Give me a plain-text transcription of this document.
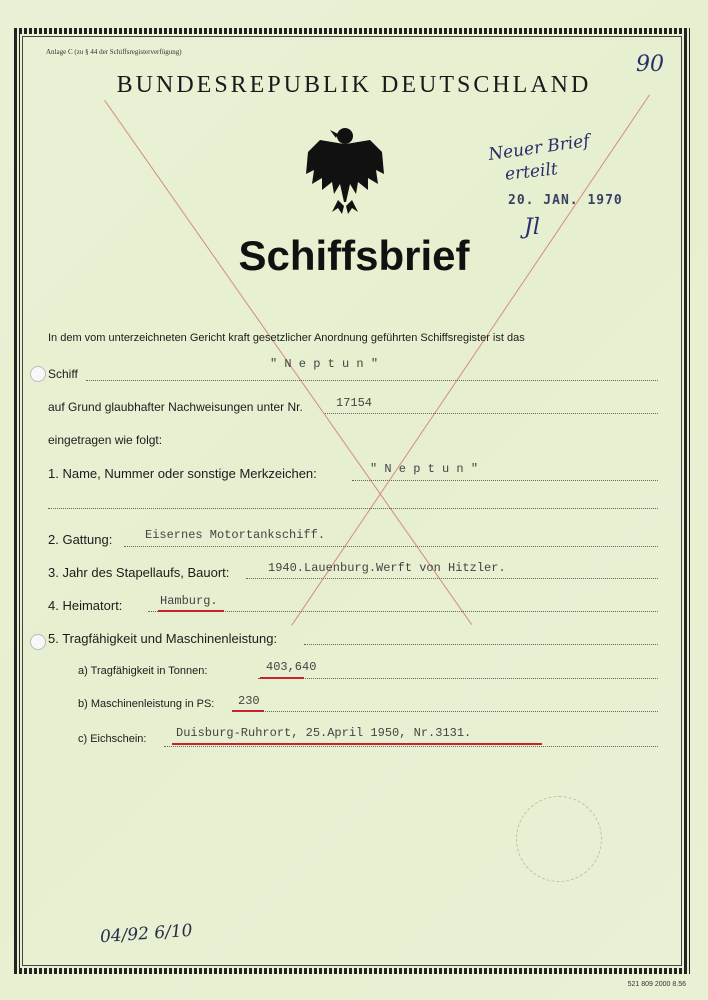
Anlage C (zu § 44 der Schiffsregisterverfügung)	90
BUNDESREPUBLIK DEUTSCHLAND
Schiffsbrief
Neuer Brief
erteilt
20. JAN. 1970
Jl
In dem vom unterzeichneten Gericht kraft gesetzlicher Anordnung geführten Schiffsregister ist das
Schiff
" N e p t u n "
auf Grund glaubhafter Nachweisungen unter Nr.	17154
eingetragen wie folgt:
1. Name, Nummer oder sonstige Merkzeichen:	" N e p t u n "
2. Gattung:	Eisernes Motortankschiff.
3. Jahr des Stapellaufs, Bauort:	1940.Lauenburg.Werft von Hitzler.
4. Heimatort:	Hamburg.
5. Tragfähigkeit und Maschinenleistung:
a) Tragfähigkeit in Tonnen:	403,640
b) Maschinenleistung in PS: 230
c) Eichschein: Duisburg-Ruhrort, 25.April 1950, Nr.3131.
04/92 6/10
521 809 2000 8.56
